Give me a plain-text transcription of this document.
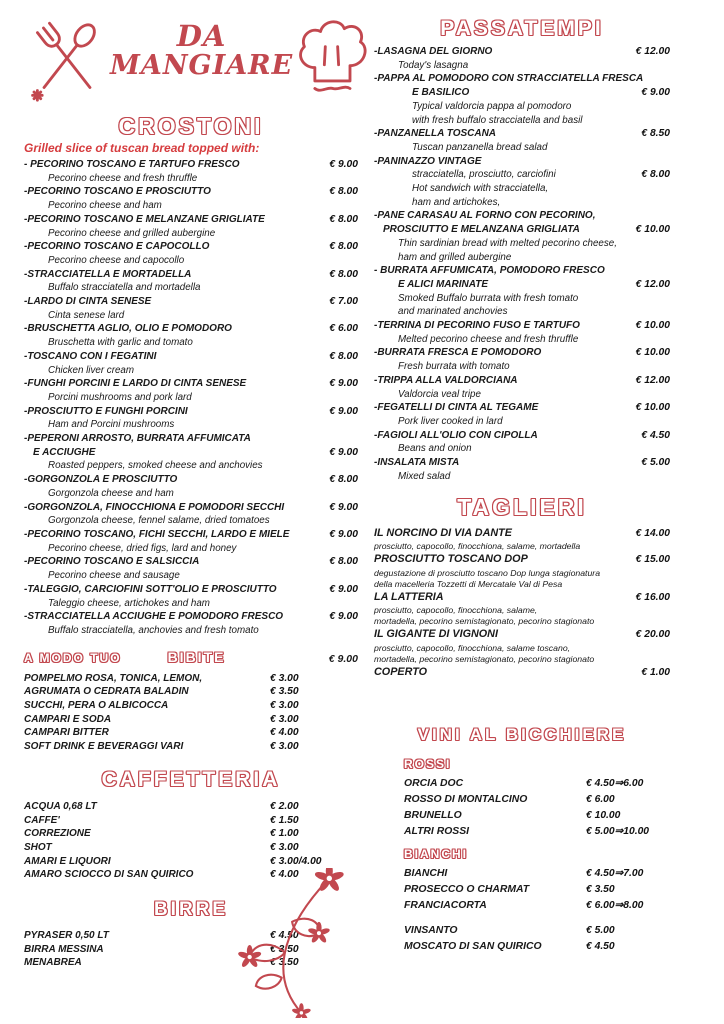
DA
MANGIARE
CROSTONI

Grilled slice of tuscan bread topped with:

- PECORINO TOSCANO E TARTUFO FRESCO	€ 9.00
Pecorino cheese and fresh thruffle
-PECORINO TOSCANO E PROSCIUTTO	€ 8.00
Pecorino cheese and ham
-PECORINO TOSCANO E MELANZANE GRIGLIATE	€ 8.00
Pecorino cheese and grilled aubergine
-PECORINO TOSCANO E CAPOCOLLO	€ 8.00
Pecorino cheese and capocollo
-STRACCIATELLA E MORTADELLA	€ 8.00
Buffalo stracciatella and mortadella
-LARDO DI CINTA SENESE	€ 7.00
Cinta senese lard
-BRUSCHETTA AGLIO, OLIO E POMODORO	€ 6.00
Bruschetta with garlic and tomato
-TOSCANO CON I FEGATINI	€ 8.00
Chicken liver cream
-FUNGHI PORCINI E LARDO DI CINTA SENESE	€ 9.00
Porcini mushrooms and pork lard
-PROSCIUTTO E FUNGHI PORCINI	€ 9.00
Ham and Porcini mushrooms
-PEPERONI ARROSTO, BURRATA AFFUMICATA
E ACCIUGHE	€ 9.00
Roasted peppers, smoked cheese and anchovies
-GORGONZOLA E PROSCIUTTO	€ 8.00
Gorgonzola cheese and ham
-GORGONZOLA, FINOCCHIONA E POMODORI SECCHI	€ 9.00
Gorgonzola cheese, fennel salame, dried tomatoes
-PECORINO TOSCANO, FICHI SECCHI, LARDO E MIELE	€ 9.00
Pecorino cheese, dried figs, lard and honey
-PECORINO TOSCANO E SALSICCIA	€ 8.00
Pecorino cheese and sausage
-TALEGGIO, CARCIOFINI SOTT'OLIO E PROSCIUTTO	€ 9.00
Taleggio cheese, artichokes and ham
-STRACCIATELLA ACCIUGHE E POMODORO FRESCO	€ 9.00
Buffalo stracciatella, anchovies and fresh tomato
A MODO TUO	BIBITE	€ 9.00
POMPELMO ROSA, TONICA, LEMON,	€ 3.00
AGRUMATA O CEDRATA BALADIN	€ 3.50
SUCCHI, PERA O ALBICOCCA	€ 3.00
CAMPARI E SODA	€ 3.00
CAMPARI BITTER	€ 4.00
SOFT DRINK E BEVERAGGI VARI	€ 3.00
CAFFETTERIA
ACQUA 0,68 LT	€ 2.00
CAFFE'	€ 1.50
CORREZIONE	€ 1.00
SHOT	€ 3.00
AMARI E LIQUORI	€ 3.00/4.00
AMARO SCIOCCO DI SAN QUIRICO	€ 4.00
BIRRE
PYRASER 0,50 LT	€ 4.50
BIRRA MESSINA	€ 3.50
MENABREA	€ 3.50
PASSATEMPI
-LASAGNA DEL GIORNO	€ 12.00
Today's lasagna
-PAPPA AL POMODORO CON STRACCIATELLA FRESCA
E BASILICO	€ 9.00
Typical valdorcia pappa al pomodoro
with fresh buffalo stracciatella and basil
-PANZANELLA TOSCANA	€ 8.50
Tuscan panzanella bread salad
-PANINAZZO VINTAGE
stracciatella, prosciutto, carciofini	€ 8.00
Hot sandwich with stracciatella,
ham and artichokes,
-PANE CARASAU AL FORNO CON PECORINO,
PROSCIUTTO E MELANZANA GRIGLIATA	€ 10.00
Thin sardinian bread with melted pecorino cheese,
ham and grilled aubergine
- BURRATA AFFUMICATA, POMODORO FRESCO
E ALICI MARINATE	€ 12.00
Smoked Buffalo burrata with fresh tomato
and marinated anchovies
-TERRINA DI PECORINO FUSO E TARTUFO	€ 10.00
Melted pecorino cheese and fresh thruffle
-BURRATA FRESCA E POMODORO	€ 10.00
Fresh burrata with tomato
-TRIPPA ALLA VALDORCIANA	€ 12.00
Valdorcia veal tripe
-FEGATELLI DI CINTA AL TEGAME	€ 10.00
Pork liver cooked in lard
-FAGIOLI ALL'OLIO CON CIPOLLA	€ 4.50
Beans and onion
-INSALATA MISTA	€ 5.00
Mixed salad
TAGLIERI
IL NORCINO DI VIA DANTE	€ 14.00
prosciutto, capocollo, finocchiona, salame, mortadella
PROSCIUTTO TOSCANO DOP	€ 15.00
degustazione di prosciutto toscano Dop lunga stagionatura
della macelleria Tozzetti di Mercatale Val di Pesa
LA LATTERIA	€ 16.00
prosciutto, capocollo, finocchiona, salame,
mortadella, pecorino semistagionato, pecorino stagionato
IL GIGANTE DI VIGNONI	€ 20.00
prosciutto, capocollo, finocchiona, salame toscano,
mortadella, pecorino semistagionato, pecorino stagionato
COPERTO	€ 1.00
VINI AL BICCHIERE
ROSSI
ORCIA DOC	€ 4.50⇒6.00
ROSSO DI MONTALCINO	€ 6.00
BRUNELLO	€ 10.00
ALTRI ROSSI	€ 5.00⇒10.00
BIANCHI
BIANCHI	€ 4.50⇒7.00
PROSECCO O CHARMAT	€ 3.50
FRANCIACORTA	€ 6.00⇒8.00
VINSANTO	€ 5.00
MOSCATO DI SAN QUIRICO	€ 4.50
